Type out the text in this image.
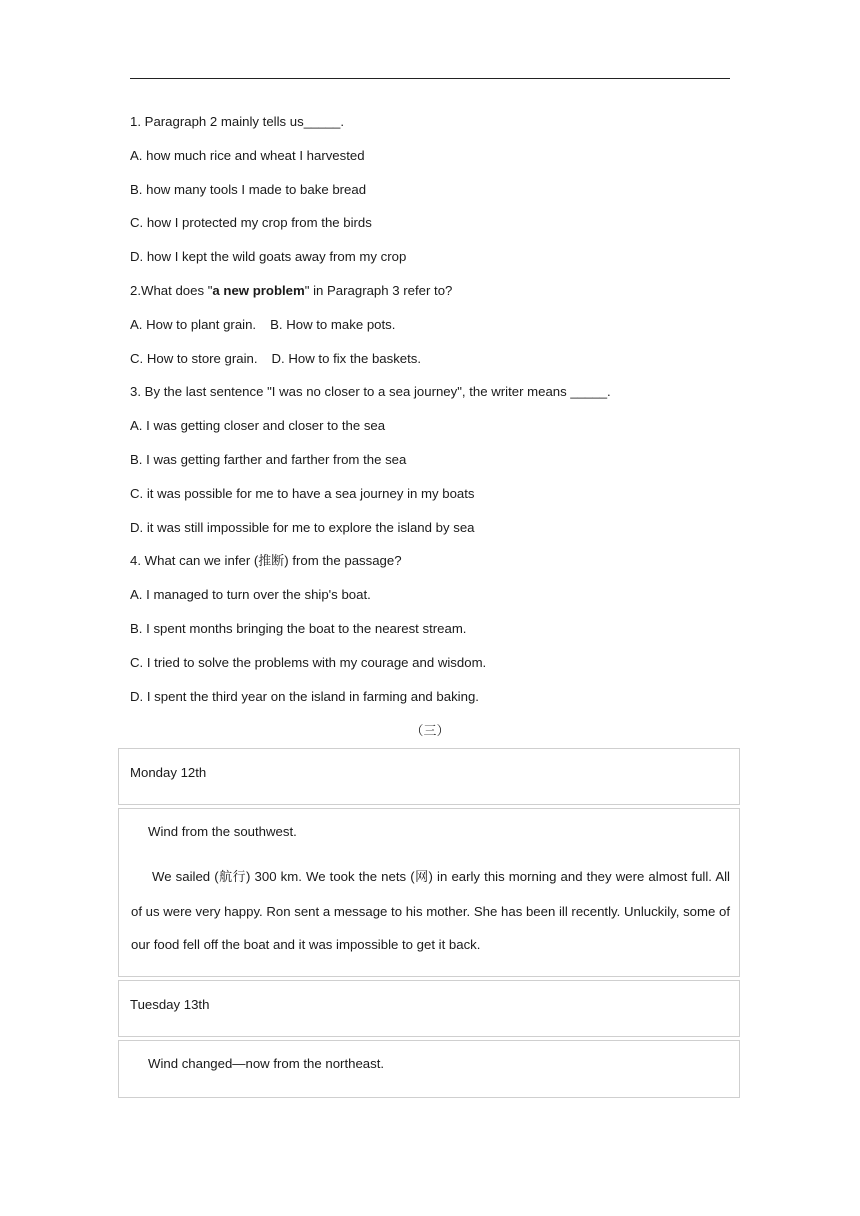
1. Paragraph 2 mainly tells us_____.
A. how much rice and wheat I harvested
B. how many tools I made to bake bread
C. how I protected my crop from the birds
D. how I kept the wild goats away from my crop
2.What does "a new problem" in Paragraph 3 refer to?
A. How to plant grain. B. How to make pots.
C. How to store grain. D. How to fix the baskets.
3. By the last sentence "I was no closer to a sea journey", the writer means _____.
A. I was getting closer and closer to the sea
B. I was getting farther and farther from the sea
C. it was possible for me to have a sea journey in my boats
D. it was still impossible for me to explore the island by sea
4. What can we infer (推断) from the passage?
A. I managed to turn over the ship's boat.
B. I spent months bringing the boat to the nearest stream.
C. I tried to solve the problems with my courage and wisdom.
D. I spent the third year on the island in farming and baking.
（三）
Monday 12th
Wind from the southwest.
We sailed (航行) 300 km. We took the nets (网) in early this morning and they were almost full. All of us were very happy. Ron sent a message to his mother. She has been ill recently. Unluckily, some of our food fell off the boat and it was impossible to get it back.
Tuesday 13th
Wind changed—now from the northeast.
